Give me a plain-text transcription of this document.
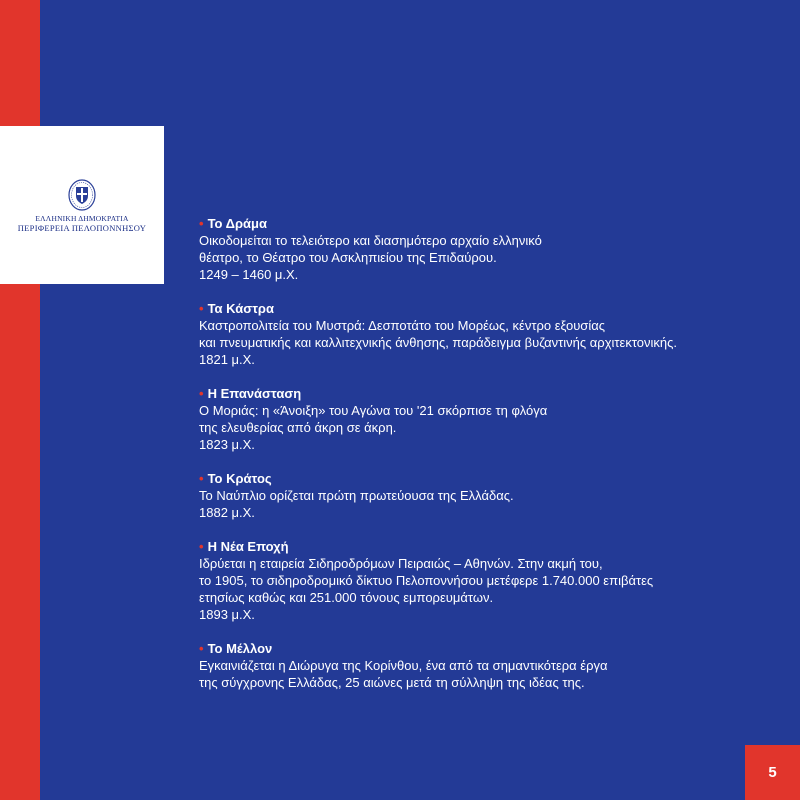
ΕΛΛΗΝΙΚΗ ΔΗΜΟΚΡΑΤΙΑ
ΠΕΡΙΦΕΡΕΙΑ ΠΕΛΟΠΟΝΝΗΣΟΥ	• Το Δράμα
Οικοδομείται το τελειότερο και διασημότερο αρχαίο ελληνικό
θέατρο, το Θέατρο του Ασκληπιείου της Επιδαύρου.
1249 – 1460 μ.Χ.
• Τα Κάστρα
Καστροπολιτεία του Μυστρά: Δεσποτάτο του Μορέως, κέντρο εξουσίας
και πνευματικής και καλλιτεχνικής άνθησης, παράδειγμα βυζαντινής αρχιτεκτονικής.
1821 μ.Χ.
• Η Επανάσταση
Ο Μοριάς: η «Άνοιξη» του Αγώνα του '21 σκόρπισε τη φλόγα
της ελευθερίας από άκρη σε άκρη.
1823 μ.Χ.
• Το Κράτος
Το Ναύπλιο ορίζεται πρώτη πρωτεύουσα της Ελλάδας.
1882 μ.Χ.
• Η Νέα Εποχή
Ιδρύεται η εταιρεία Σιδηροδρόμων Πειραιώς – Αθηνών. Στην ακμή του,
το 1905, το σιδηροδρομικό δίκτυο Πελοποννήσου μετέφερε 1.740.000 επιβάτες
ετησίως καθώς και 251.000 τόνους εμπορευμάτων.
1893 μ.Χ.
• Το Μέλλον
Εγκαινιάζεται η Διώρυγα της Κορίνθου, ένα από τα σημαντικότερα έργα
της σύγχρονης Ελλάδας, 25 αιώνες μετά τη σύλληψη της ιδέας της.
5
